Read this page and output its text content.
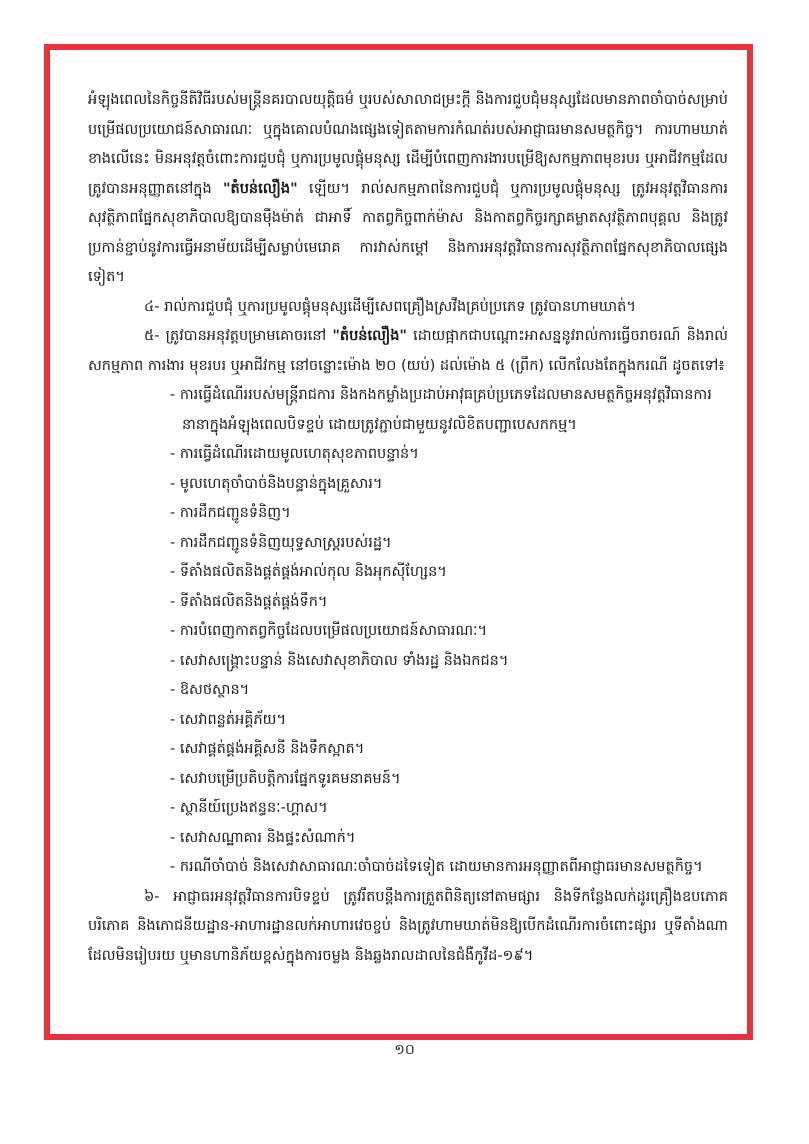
អំឡុងពេលនៃកិច្ចនីតិវិធីរបស់មន្ត្រីនគរបាលយុត្តិធម៌ ឬរបស់សាលាជម្រះក្តី និងការជួបជុំមនុស្សដែលមានភាពចាំបាច់សម្រាប់បម្រើផលប្រយោជន៍សាធារណៈ ឬក្នុងគោលបំណងផ្សេងទៀតតាមការកំណត់របស់អាជ្ញាធរមានសមត្ថកិច្ច។ ការហាមឃាត់ខាងលើនេះ មិនអនុវត្តចំពោះការជួបជុំ ឬការប្រមូលផ្តុំមនុស្ស ដើម្បីបំពេញការងារបម្រើឱ្យសកម្មភាពមុខរបរ ឬអាជីវកម្មដែលត្រូវបានអនុញ្ញាតនៅក្នុង "តំបន់លឿង" ឡើយ។ រាល់សកម្មភាពនៃការជួបជុំ ឬការប្រមូលផ្តុំមនុស្ស ត្រូវអនុវត្តវិធានការសុវត្ថិភាពផ្នែកសុខាភិបាលឱ្យបានម៉ឺងម៉ាត់ ជាអាទិ៍ កាតព្វកិច្ចពាក់ម៉ាស និងកាតព្វកិច្ចរក្សាគម្លាតសុវត្ថិភាពបុគ្គល និងត្រូវប្រកាន់ខ្ជាប់នូវការធ្វើអនាម័យដើម្បីសម្លាប់មេរោគ ការវាស់កម្តៅ និងការអនុវត្តវិធានការសុវត្ថិភាពផ្នែកសុខាភិបាលផ្សេងទៀត។

៤- រាល់ការជួបជុំ ឬការប្រមូលផ្តុំមនុស្សដើម្បីសេពគ្រឿងស្រវឹងគ្រប់ប្រភេទ ត្រូវបានហាមឃាត់។

៥- ត្រូវបានអនុវត្តបម្រាមគោចរនៅ "តំបន់លឿង" ដោយផ្អាកជាបណ្តោះអាសន្ននូវរាល់ការធ្វើចរាចរណ៍ និងរាល់សកម្មភាព ការងារ មុខរបរ ឬអាជីវកម្ម នៅចន្លោះម៉ោង ២០ (យប់) ដល់ម៉ោង ៥ (ព្រឹក) លើកលែងតែក្នុងករណី ដូចតទៅ៖

- ការធ្វើដំណើររបស់មន្ត្រីរាជការ និងកងកម្លាំងប្រដាប់អាវុធគ្រប់ប្រភេទដែលមានសមត្ថកិច្ចអនុវត្តវិធានការនានាក្នុងអំឡុងពេលបិទខ្ទប់ ដោយត្រូវភ្ជាប់ជាមួយនូវលិខិតបញ្ជាបេសកកម្ម។
- ការធ្វើដំណើរដោយមូលហេតុសុខភាពបន្ទាន់។
- មូលហេតុចាំបាច់និងបន្ទាន់ក្នុងគ្រួសារ។
- ការដឹកជញ្ជូនទំនិញ។
- ការដឹកជញ្ជូនទំនិញយុទ្ធសាស្ត្ររបស់រដ្ឋ។
- ទីតាំងផលិតនិងផ្គត់ផ្គង់អាល់កុល និងអុកស៊ីហ្សែន។
- ទីតាំងផលិតនិងផ្គត់ផ្គង់ទឹក។
- ការបំពេញកាតព្វកិច្ចដែលបម្រើផលប្រយោជន៍សាធារណៈ។
- សេវាសង្គ្រោះបន្ទាន់ និងសេវាសុខាភិបាល ទាំងរដ្ឋ និងឯកជន។
- ឱសថស្ថាន។
- សេវាពន្លត់អគ្គិភ័យ។
- សេវាផ្គត់ផ្គង់អគ្គិសនី និងទឹកស្អាត។
- សេវាបម្រើប្រតិបត្តិការផ្នែកទូរគមនាគមន៍។
- ស្ថានីយ៍ប្រេងឥន្ធនៈ-ហ្គាស។
- សេវាសណ្ឋាគារ និងផ្ទះសំណាក់។
- ករណីចាំបាច់ និងសេវាសាធារណៈចាំបាច់ដទៃទៀត ដោយមានការអនុញ្ញាតពីអាជ្ញាធរមានសមត្ថកិច្ច។

៦- អាជ្ញាធរអនុវត្តវិធានការបិទខ្ទប់ ត្រូវរឹតបន្តឹងការត្រួតពិនិត្យនៅតាមផ្សារ និងទីកន្លែងលក់ដូរគ្រឿងឧបភោគបរិភោគ និងភោជនីយដ្ឋាន-អាហារដ្ឋានលក់អាហារវេចខ្ចប់ និងត្រូវហាមឃាត់មិនឱ្យបើកដំណើរការចំពោះផ្សារ ឬទីតាំងណាដែលមិនរៀបរយ ឬមានហានិភ័យខ្ពស់ក្នុងការចម្លង និងឆ្លងរាលដាលនៃជំងឺកូវីដ-១៩។

១០
